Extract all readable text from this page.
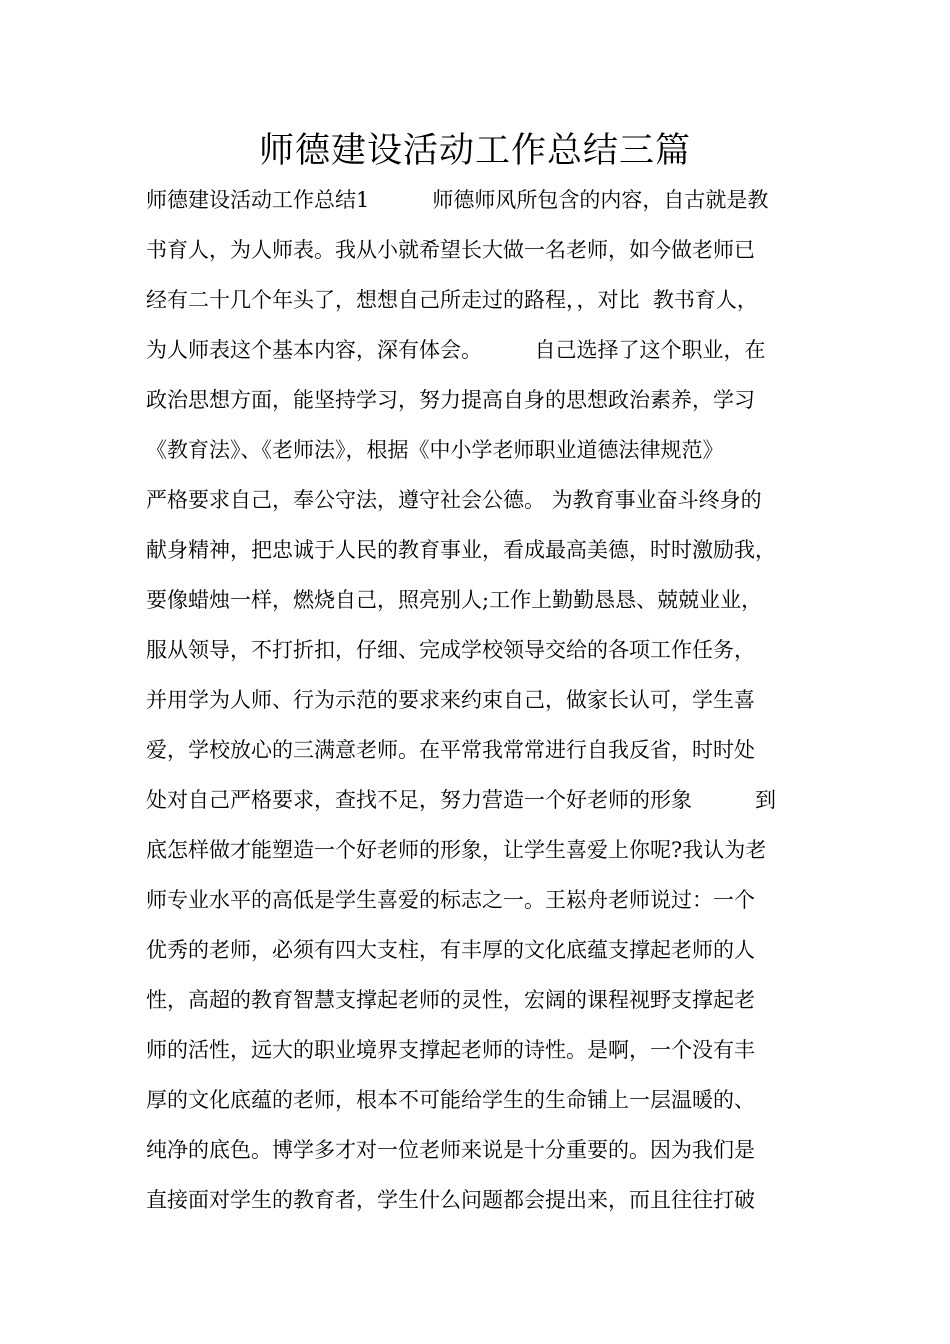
师德建设活动工作总结三篇
师德建设活动工作总结1　　　师德师风所包含的内容，自古就是教
书育人，为人师表。我从小就希望长大做一名老师，如今做老师已
经有二十几个年头了，想想自己所走过的路程，，对比  教书育人，
为人师表这个基本内容，深有体会。　　　自己选择了这个职业，在
政治思想方面，能坚持学习，努力提高自身的思想政治素养，学习
《教育法》、《老师法》，根据《中小学老师职业道德法律规范》
严格要求自己，奉公守法，遵守社会公德。 为教育事业奋斗终身的
献身精神，把忠诚于人民的教育事业，看成最高美德，时时激励我，
要像蜡烛一样，燃烧自己，照亮别人;工作上勤勤恳恳、兢兢业业，
服从领导，不打折扣，仔细、完成学校领导交给的各项工作任务，
并用学为人师、行为示范的要求来约束自己，做家长认可，学生喜
爱，学校放心的三满意老师。在平常我常常进行自我反省，时时处
处对自己严格要求，查找不足，努力营造一个好老师的形象　　　到
底怎样做才能塑造一个好老师的形象，让学生喜爱上你呢?我认为老
师专业水平的高低是学生喜爱的标志之一。王崧舟老师说过：一个
优秀的老师，必须有四大支柱，有丰厚的文化底蕴支撑起老师的人
性，高超的教育智慧支撑起老师的灵性，宏阔的课程视野支撑起老
师的活性，远大的职业境界支撑起老师的诗性。是啊，一个没有丰
厚的文化底蕴的老师，根本不可能给学生的生命铺上一层温暖的、
纯净的底色。博学多才对一位老师来说是十分重要的。因为我们是
直接面对学生的教育者，学生什么问题都会提出来，而且往往打破
